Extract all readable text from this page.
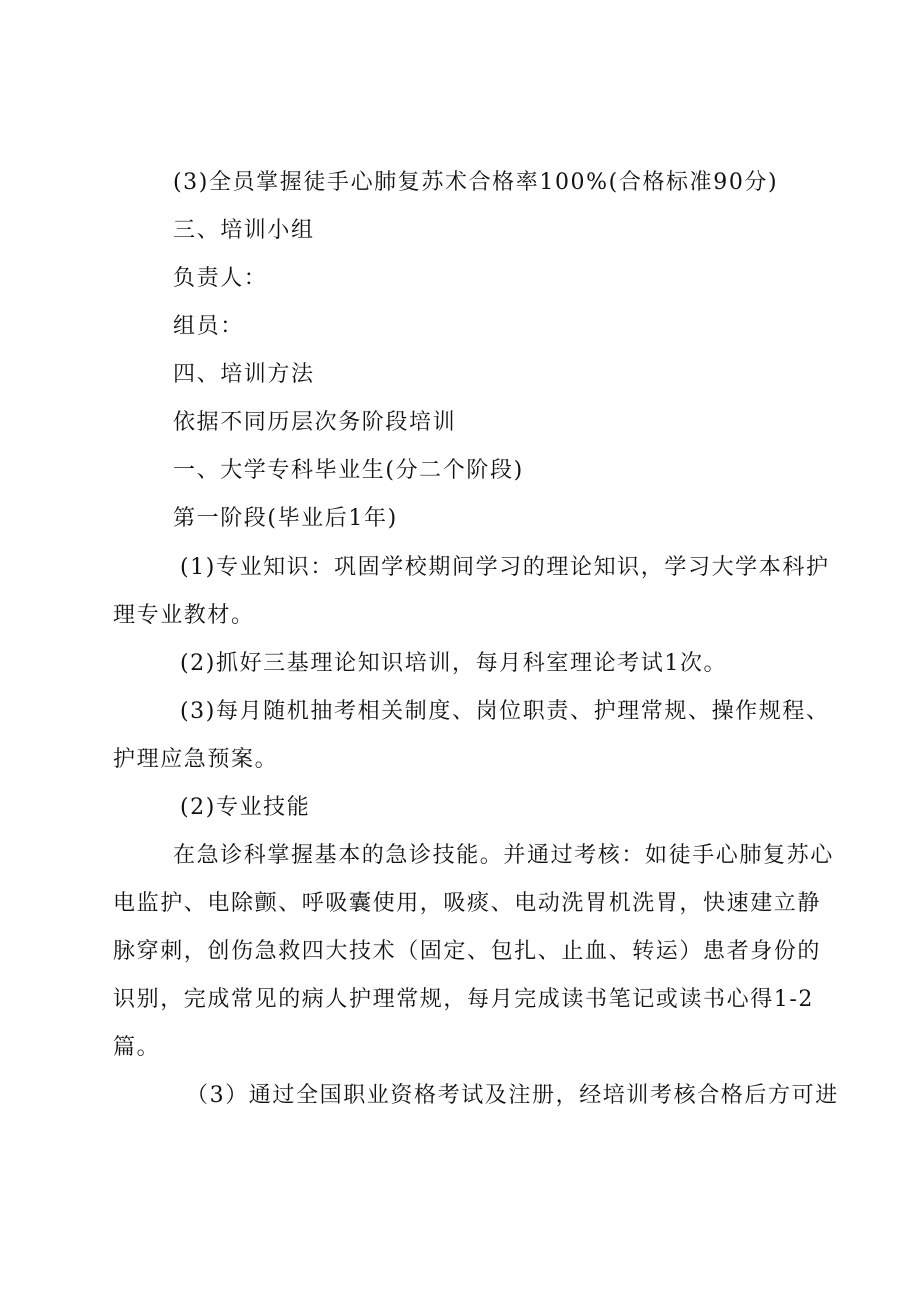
(3)全员掌握徒手心肺复苏术合格率100%(合格标准90分)
三、培训小组
负责人：
组员：
四、培训方法
依据不同历层次务阶段培训
一、大学专科毕业生(分二个阶段)
第一阶段(毕业后1年)
(1)专业知识：巩固学校期间学习的理论知识，学习大学本科护
理专业教材。
(2)抓好三基理论知识培训，每月科室理论考试1次。
(3)每月随机抽考相关制度、岗位职责、护理常规、操作规程、
护理应急预案。
(2)专业技能
在急诊科掌握基本的急诊技能。并通过考核：如徒手心肺复苏心
电监护、电除颤、呼吸囊使用，吸痰、电动洗胃机洗胃，快速建立静
脉穿刺，创伤急救四大技术（固定、包扎、止血、转运）患者身份的
识别，完成常见的病人护理常规，每月完成读书笔记或读书心得1-2
篇。
（3）通过全国职业资格考试及注册，经培训考核合格后方可进
